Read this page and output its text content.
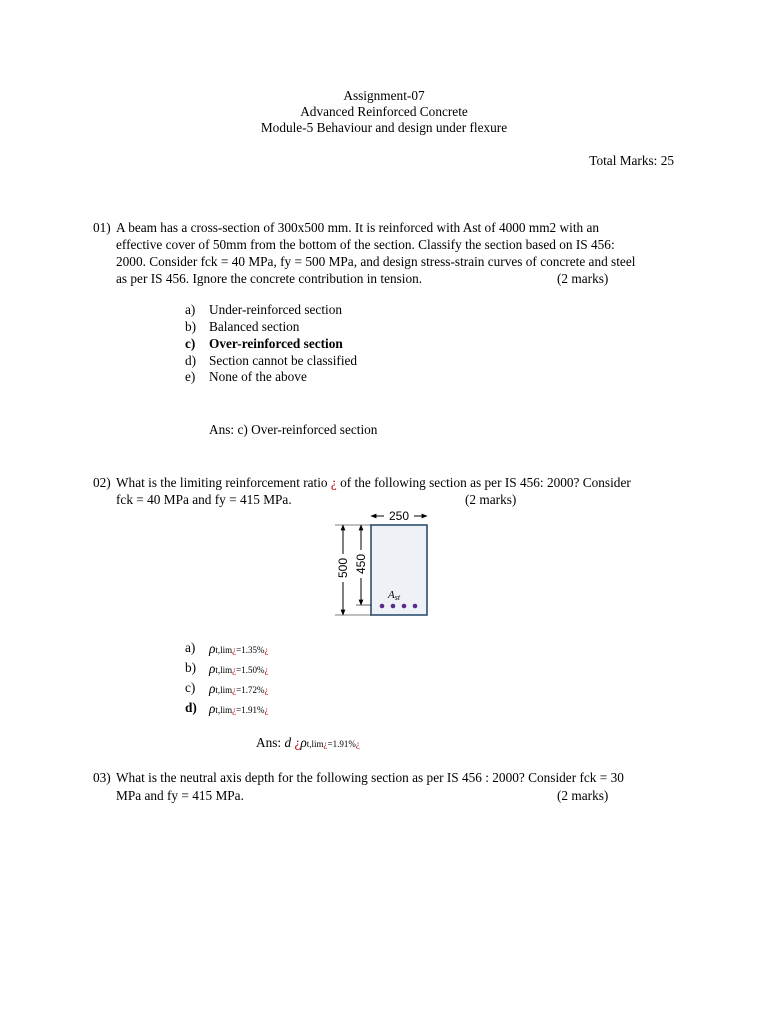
Assignment-07
Advanced Reinforced Concrete
Module-5 Behaviour and design under flexure
Total Marks: 25
01) A beam has a cross-section of 300x500 mm. It is reinforced with Ast of 4000 mm2 with an
effective cover of 50mm from the bottom of the section. Classify the section based on IS 456:
2000. Consider fck = 40 MPa, fy = 500 MPa, and design stress-strain curves of concrete and steel
as per IS 456. Ignore the concrete contribution in tension.	(2 marks)
a) Under-reinforced section
b) Balanced section
c) Over-reinforced section
d) Section cannot be classified
e) None of the above
Ans: c) Over-reinforced section
02) What is the limiting reinforcement ratio ¿ of the following section as per IS 456: 2000? Consider
fck = 40 MPa and fy = 415 MPa.	(2 marks)
250
500 450
Ast
a) ρt,lim¿=1.35%¿
b) ρt,lim¿=1.50%¿
c) ρt,lim¿=1.72%¿
d) ρt,lim¿=1.91%¿
Ans: d ¿ρt,lim¿=1.91%¿
03) What is the neutral axis depth for the following section as per IS 456 : 2000? Consider fck = 30
MPa and fy = 415 MPa.	(2 marks)
